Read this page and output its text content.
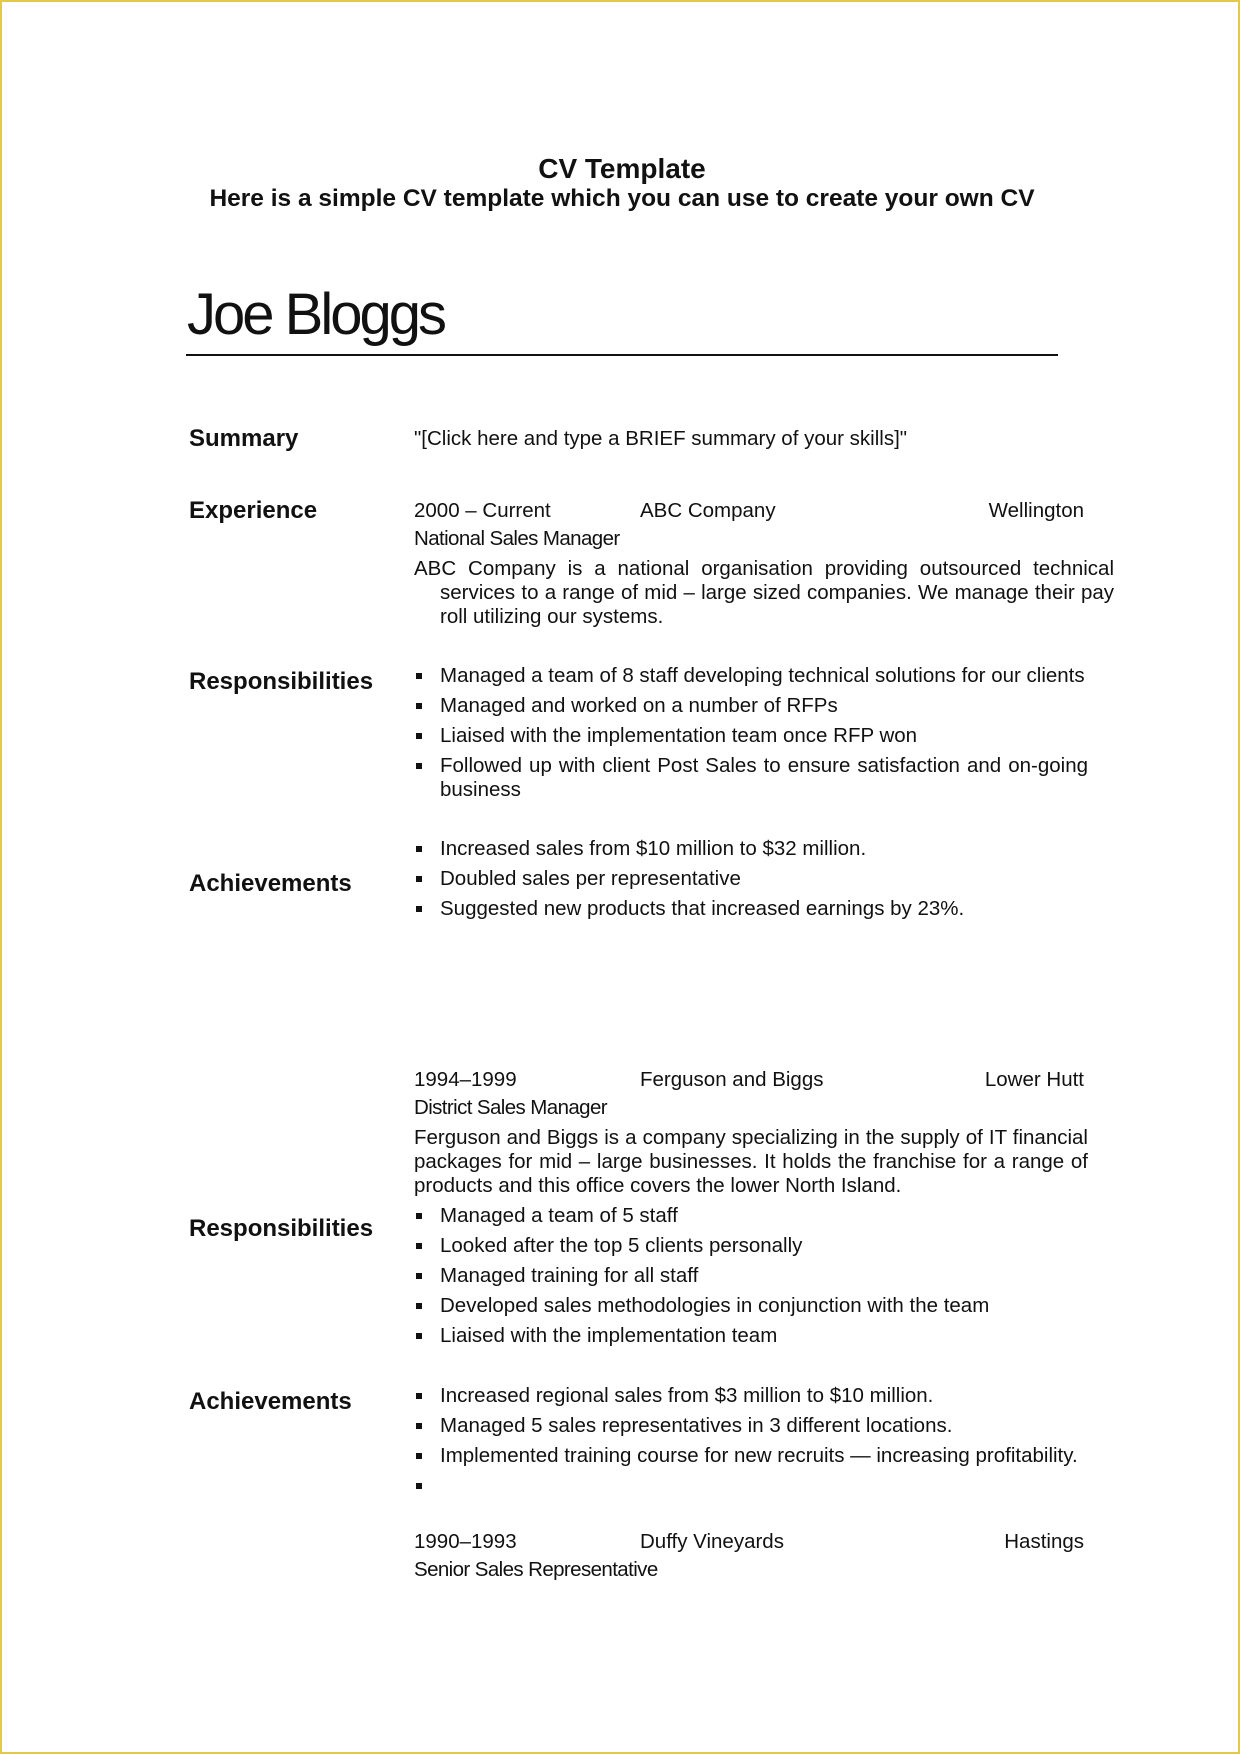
CV Template
Here is a simple CV template which you can use to create your own CV
Joe Bloggs
Summary	"[Click here and type a BRIEF summary of your skills]"
Experience	2000 – Current	ABC Company	Wellington
National Sales Manager
ABC Company is a national organisation providing outsourced technical services to a range of mid – large sized companies. We manage their pay roll utilizing our systems.
Responsibilities	Managed a team of 8 staff developing technical solutions for our clients
Managed and worked on a number of RFPs
Liaised with the implementation team once RFP won
Followed up with client Post Sales to ensure satisfaction and on-going business
Achievements
Increased sales from $10 million to $32 million.
Doubled sales per representative
Suggested new products that increased earnings by 23%.
1994–1999	Ferguson and Biggs	Lower Hutt
District Sales Manager
Ferguson and Biggs is a company specializing in the supply of IT financial packages for mid – large businesses. It holds the franchise for a range of products and this office covers the lower North Island.
Responsibilities	Managed a team of 5 staff
Looked after the top 5 clients personally
Managed training for all staff
Developed sales methodologies in conjunction with the team
Liaised with the implementation team
Achievements	Increased regional sales from $3 million to $10 million.
Managed 5 sales representatives in 3 different locations.
Implemented training course for new recruits — increasing profitability.
1990–1993	Duffy Vineyards	Hastings
Senior Sales Representative
